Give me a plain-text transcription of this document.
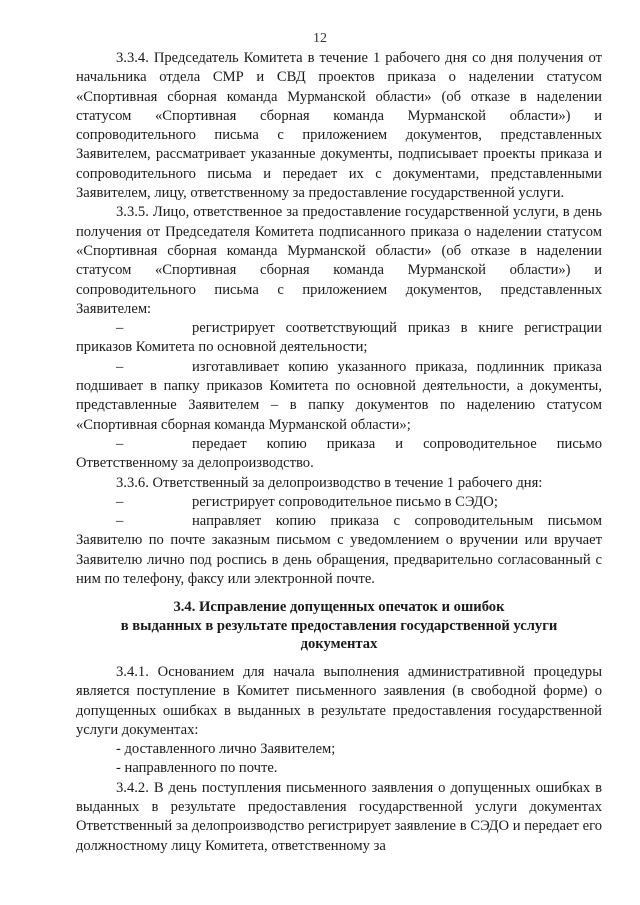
12

3.3.4. Председатель Комитета в течение 1 рабочего дня со дня получения от начальника отдела СМР и СВД проектов приказа о наделении статусом «Спортивная сборная команда Мурманской области» (об отказе в наделении статусом «Спортивная сборная команда Мурманской области») и сопроводительного письма с приложением документов, представленных Заявителем, рассматривает указанные документы, подписывает проекты приказа и сопроводительного письма и передает их с документами, представленными Заявителем, лицу, ответственному за предоставление государственной услуги.

3.3.5. Лицо, ответственное за предоставление государственной услуги, в день получения от Председателя Комитета подписанного приказа о наделении статусом «Спортивная сборная команда Мурманской области» (об отказе в наделении статусом «Спортивная сборная команда Мурманской области») и сопроводительного письма с приложением документов, представленных Заявителем:

–	регистрирует соответствующий приказ в книге регистрации приказов Комитета по основной деятельности;

–	изготавливает копию указанного приказа, подлинник приказа подшивает в папку приказов Комитета по основной деятельности, а документы, представленные Заявителем – в папку документов по наделению статусом «Спортивная сборная команда Мурманской области»;

–	передает копию приказа и сопроводительное письмо Ответственному за делопроизводство.

3.3.6. Ответственный за делопроизводство в течение 1 рабочего дня:

–	регистрирует сопроводительное письмо в СЭДО;

–	направляет копию приказа с сопроводительным письмом Заявителю по почте заказным письмом с уведомлением о вручении или вручает Заявителю лично под роспись в день обращения, предварительно согласованный с ним по телефону, факсу или электронной почте.

3.4. Исправление допущенных опечаток и ошибок
в выданных в результате предоставления государственной услуги
документах

3.4.1. Основанием для начала выполнения административной процедуры является поступление в Комитет письменного заявления (в свободной форме) о допущенных ошибках в выданных в результате предоставления государственной услуги документах:

- доставленного лично Заявителем;

- направленного по почте.

3.4.2. В день поступления письменного заявления о допущенных ошибках в выданных в результате предоставления государственной услуги документах Ответственный за делопроизводство регистрирует заявление в СЭДО и передает его должностному лицу Комитета, ответственному за
